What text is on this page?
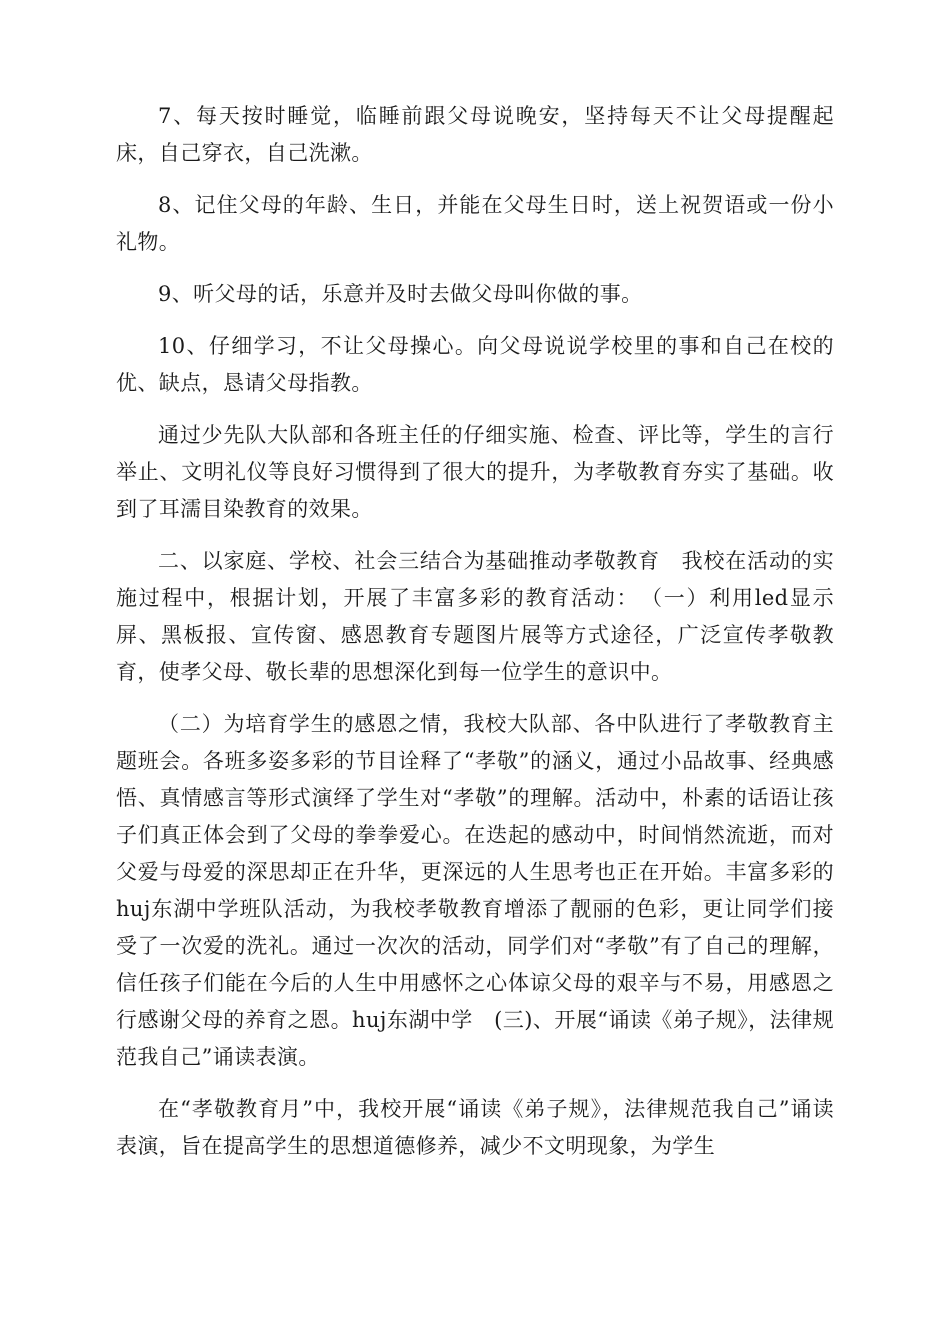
7、每天按时睡觉，临睡前跟父母说晚安，坚持每天不让父母提醒起床，自己穿衣，自己洗漱。

8、记住父母的年龄、生日，并能在父母生日时，送上祝贺语或一份小礼物。

9、听父母的话，乐意并及时去做父母叫你做的事。

10、仔细学习，不让父母操心。向父母说说学校里的事和自己在校的优、缺点，恳请父母指教。

通过少先队大队部和各班主任的仔细实施、检查、评比等，学生的言行举止、文明礼仪等良好习惯得到了很大的提升，为孝敬教育夯实了基础。收到了耳濡目染教育的效果。

二、以家庭、学校、社会三结合为基础推动孝敬教育　我校在活动的实施过程中，根据计划，开展了丰富多彩的教育活动：　（一）利用led显示屏、黑板报、宣传窗、感恩教育专题图片展等方式途径，广泛宣传孝敬教育，使孝父母、敬长辈的思想深化到每一位学生的意识中。

（二）为培育学生的感恩之情，我校大队部、各中队进行了孝敬教育主题班会。各班多姿多彩的节目诠释了“孝敬”的涵义，通过小品故事、经典感悟、真情感言等形式演绎了学生对“孝敬”的理解。活动中，朴素的话语让孩子们真正体会到了父母的拳拳爱心。在迭起的感动中，时间悄然流逝，而对父爱与母爱的深思却正在升华，更深远的人生思考也正在开始。丰富多彩的huj东湖中学班队活动，为我校孝敬教育增添了靓丽的色彩，更让同学们接受了一次爱的洗礼。通过一次次的活动，同学们对“孝敬”有了自己的理解，信任孩子们能在今后的人生中用感怀之心体谅父母的艰辛与不易，用感恩之行感谢父母的养育之恩。huj东湖中学　(三)、开展“诵读《弟子规》，法律规范我自己”诵读表演。

在“孝敬教育月”中，我校开展“诵读《弟子规》，法律规范我自己”诵读表演，旨在提高学生的思想道德修养，减少不文明现象，为学生
